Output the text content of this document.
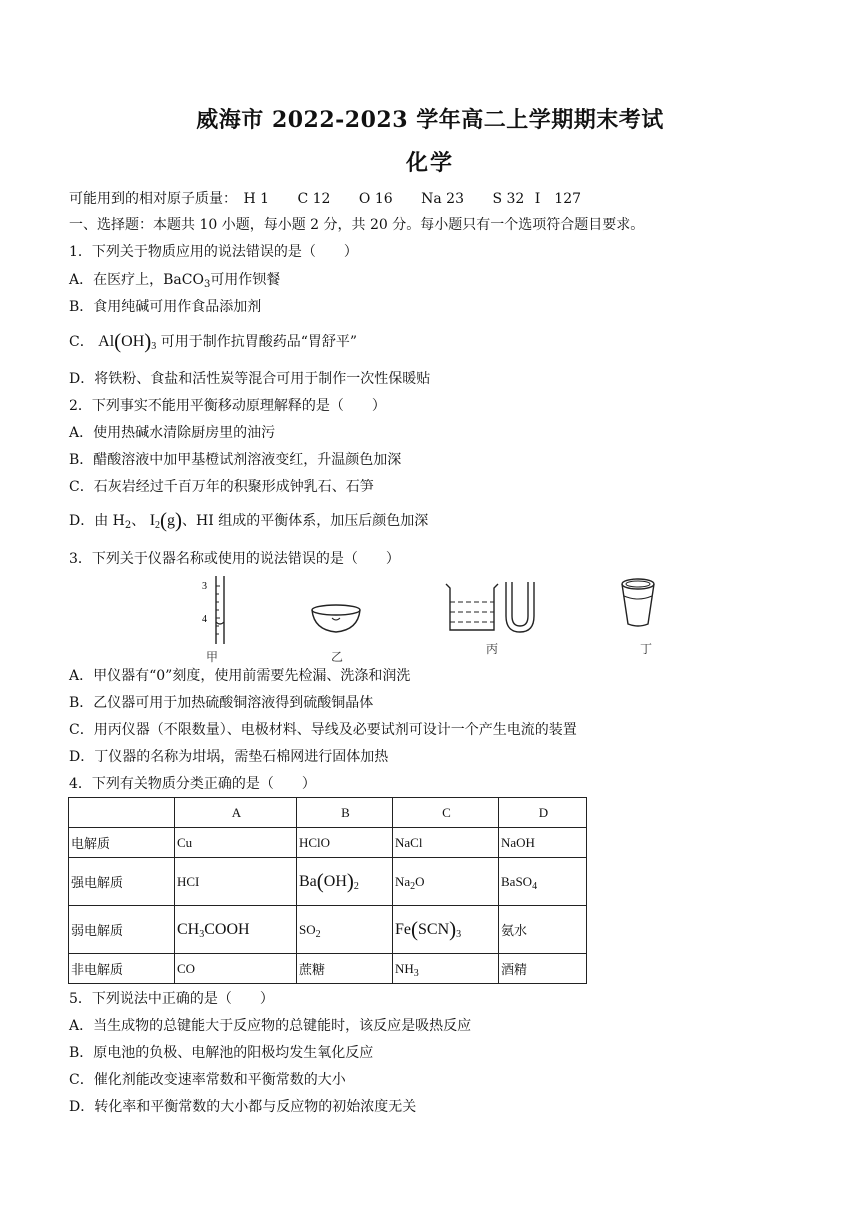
威海市 2022-2023 学年高二上学期期末考试
化学
可能用到的相对原子质量： H 1 C 12 O 16 Na 23 S 32 I　127
一、选择题：本题共 10 小题，每小题 2 分，共 20 分。每小题只有一个选项符合题目要求。
1．下列关于物质应用的说法错误的是（　　）
A．在医疗上，BaCO$_3$可用作钡餐
B．食用纯碱可用作食品添加剂
C． $Al(OH)_3$ 可用于制作抗胃酸药品“胃舒平”
D．将铁粉、食盐和活性炭等混合可用于制作一次性保暖贴
2．下列事实不能用平衡移动原理解释的是（　　）
A．使用热碱水清除厨房里的油污
B．醋酸溶液中加甲基橙试剂溶液变红，升温颜色加深
C．石灰岩经过千百万年的积聚形成钟乳石、石笋
D．由 $H_2$、 $I_2(g)$、HI 组成的平衡体系，加压后颜色加深
3．下列关于仪器名称或使用的说法错误的是（　　）
3
4
甲	乙
丙	丁
A．甲仪器有“0”刻度，使用前需要先检漏、洗涤和润洗
B．乙仪器可用于加热硫酸铜溶液得到硫酸铜晶体
C．用丙仪器（不限数量）、电极材料、导线及必要试剂可设计一个产生电流的装置
D．丁仪器的名称为坩埚，需垫石棉网进行固体加热
4．下列有关物质分类正确的是（　　）
	A	B	C	D
电解质	Cu	HClO	NaCl	NaOH
强电解质	HCI	$Ba(OH)_2$	$Na_2O$	BaSO$_4$
弱电解质	$CH_3COOH$	$SO_2$	$Fe(SCN)_3$	氨水
非电解质	CO	蔗糖	$NH_3$	酒精
5．下列说法中正确的是（　　）
A．当生成物的总键能大于反应物的总键能时，该反应是吸热反应
B．原电池的负极、电解池的阳极均发生氧化反应
C．催化剂能改变速率常数和平衡常数的大小
D．转化率和平衡常数的大小都与反应物的初始浓度无关
